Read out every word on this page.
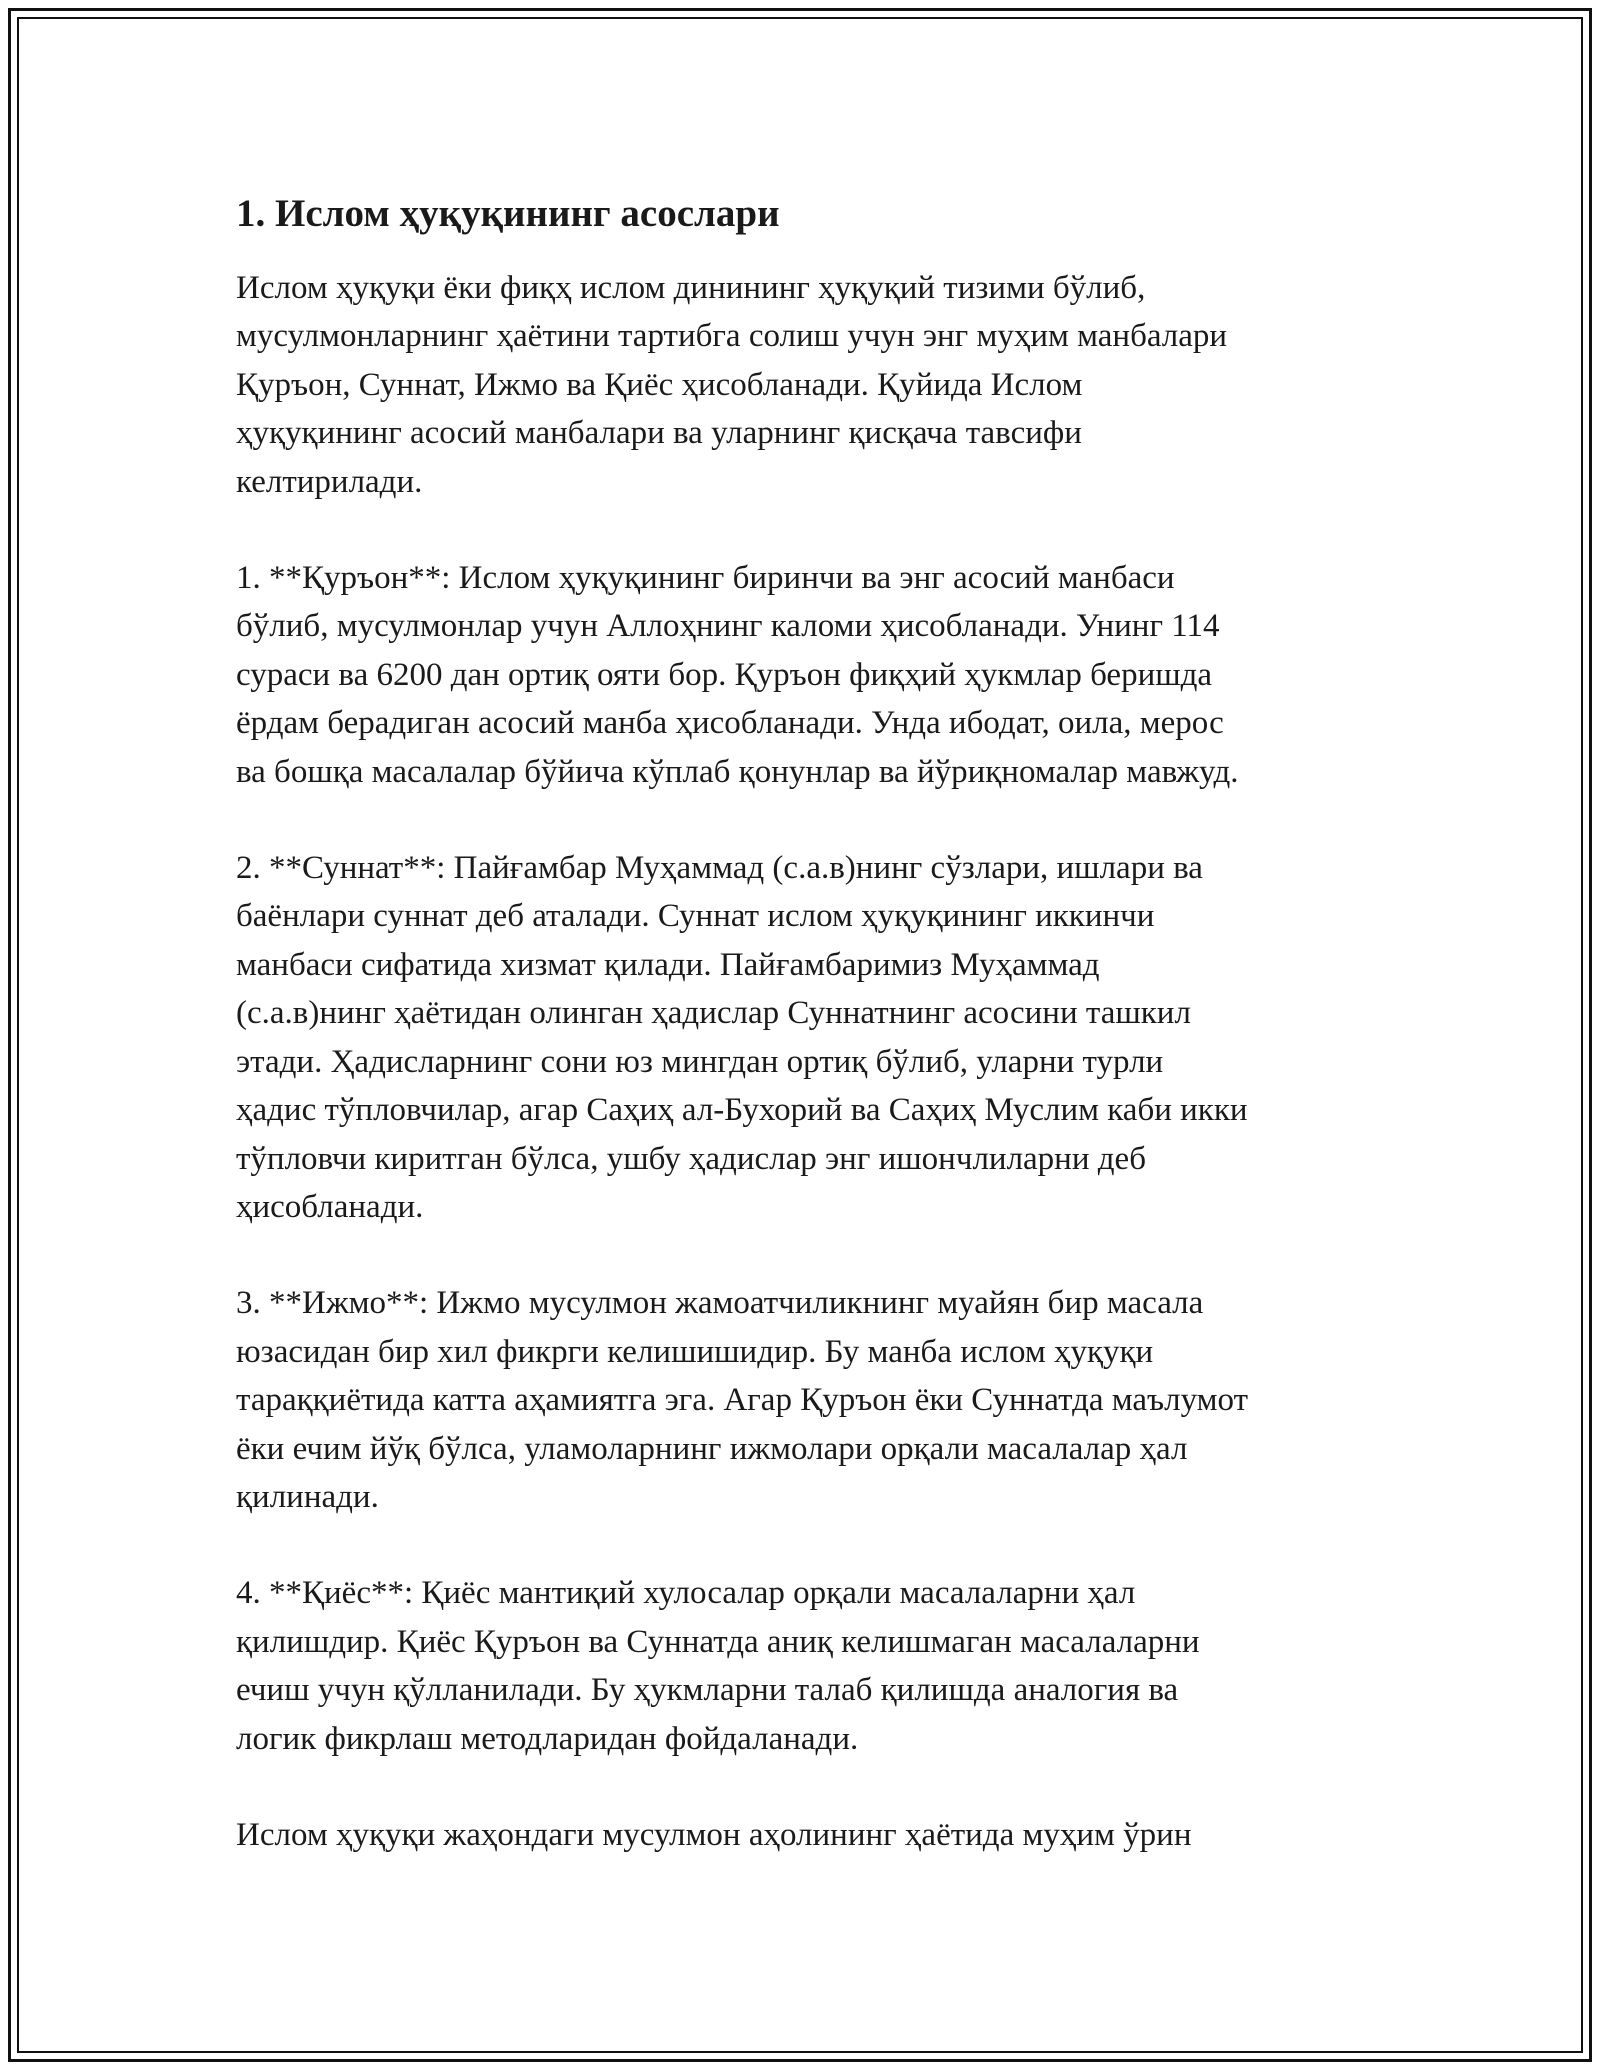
1. Ислом ҳуқуқининг асослари

Ислом ҳуқуқи ёки фиқҳ ислом динининг ҳуқуқий тизими бўлиб,
мусулмонларнинг ҳаётини тартибга солиш учун энг муҳим манбалари
Қуръон, Суннат, Ижмо ва Қиёс ҳисобланади. Қуйида Ислом
ҳуқуқининг асосий манбалари ва уларнинг қисқача тавсифи
келтирилади.

1. **Қуръон**: Ислом ҳуқуқининг биринчи ва энг асосий манбаси
бўлиб, мусулмонлар учун Аллоҳнинг каломи ҳисобланади. Унинг 114
сураси ва 6200 дан ортиқ ояти бор. Қуръон фиқҳий ҳукмлар беришда
ёрдам берадиган асосий манба ҳисобланади. Унда ибодат, оила, мерос
ва бошқа масалалар бўйича кўплаб қонунлар ва йўриқномалар мавжуд.

2. **Суннат**: Пайғамбар Муҳаммад (с.а.в)нинг сўзлари, ишлари ва
баёнлари суннат деб аталади. Суннат ислом ҳуқуқининг иккинчи
манбаси сифатида хизмат қилади. Пайғамбаримиз Муҳаммад
(с.а.в)нинг ҳаётидан олинган ҳадислар Суннатнинг асосини ташкил
этади. Ҳадисларнинг сони юз мингдан ортиқ бўлиб, уларни турли
ҳадис тўпловчилар, агар Саҳиҳ ал-Бухорий ва Саҳиҳ Муслим каби икки
тўпловчи киритган бўлса, ушбу ҳадислар энг ишончлиларни деб
ҳисобланади.

3. **Ижмо**: Ижмо мусулмон жамоатчиликнинг муайян бир масала
юзасидан бир хил фикрги келишишидир. Бу манба ислом ҳуқуқи
тараққиётида катта аҳамиятга эга. Агар Қуръон ёки Суннатда маълумот
ёки ечим йўқ бўлса, уламоларнинг ижмолари орқали масалалар ҳал
қилинади.

4. **Қиёс**: Қиёс мантиқий хулосалар орқали масалаларни ҳал
қилишдир. Қиёс Қуръон ва Суннатда аниқ келишмаган масалаларни
ечиш учун қўлланилади. Бу ҳукмларни талаб қилишда аналогия ва
логик фикрлаш методларидан фойдаланади.

Ислом ҳуқуқи жаҳондаги мусулмон аҳолининг ҳаётида муҳим ўрин
